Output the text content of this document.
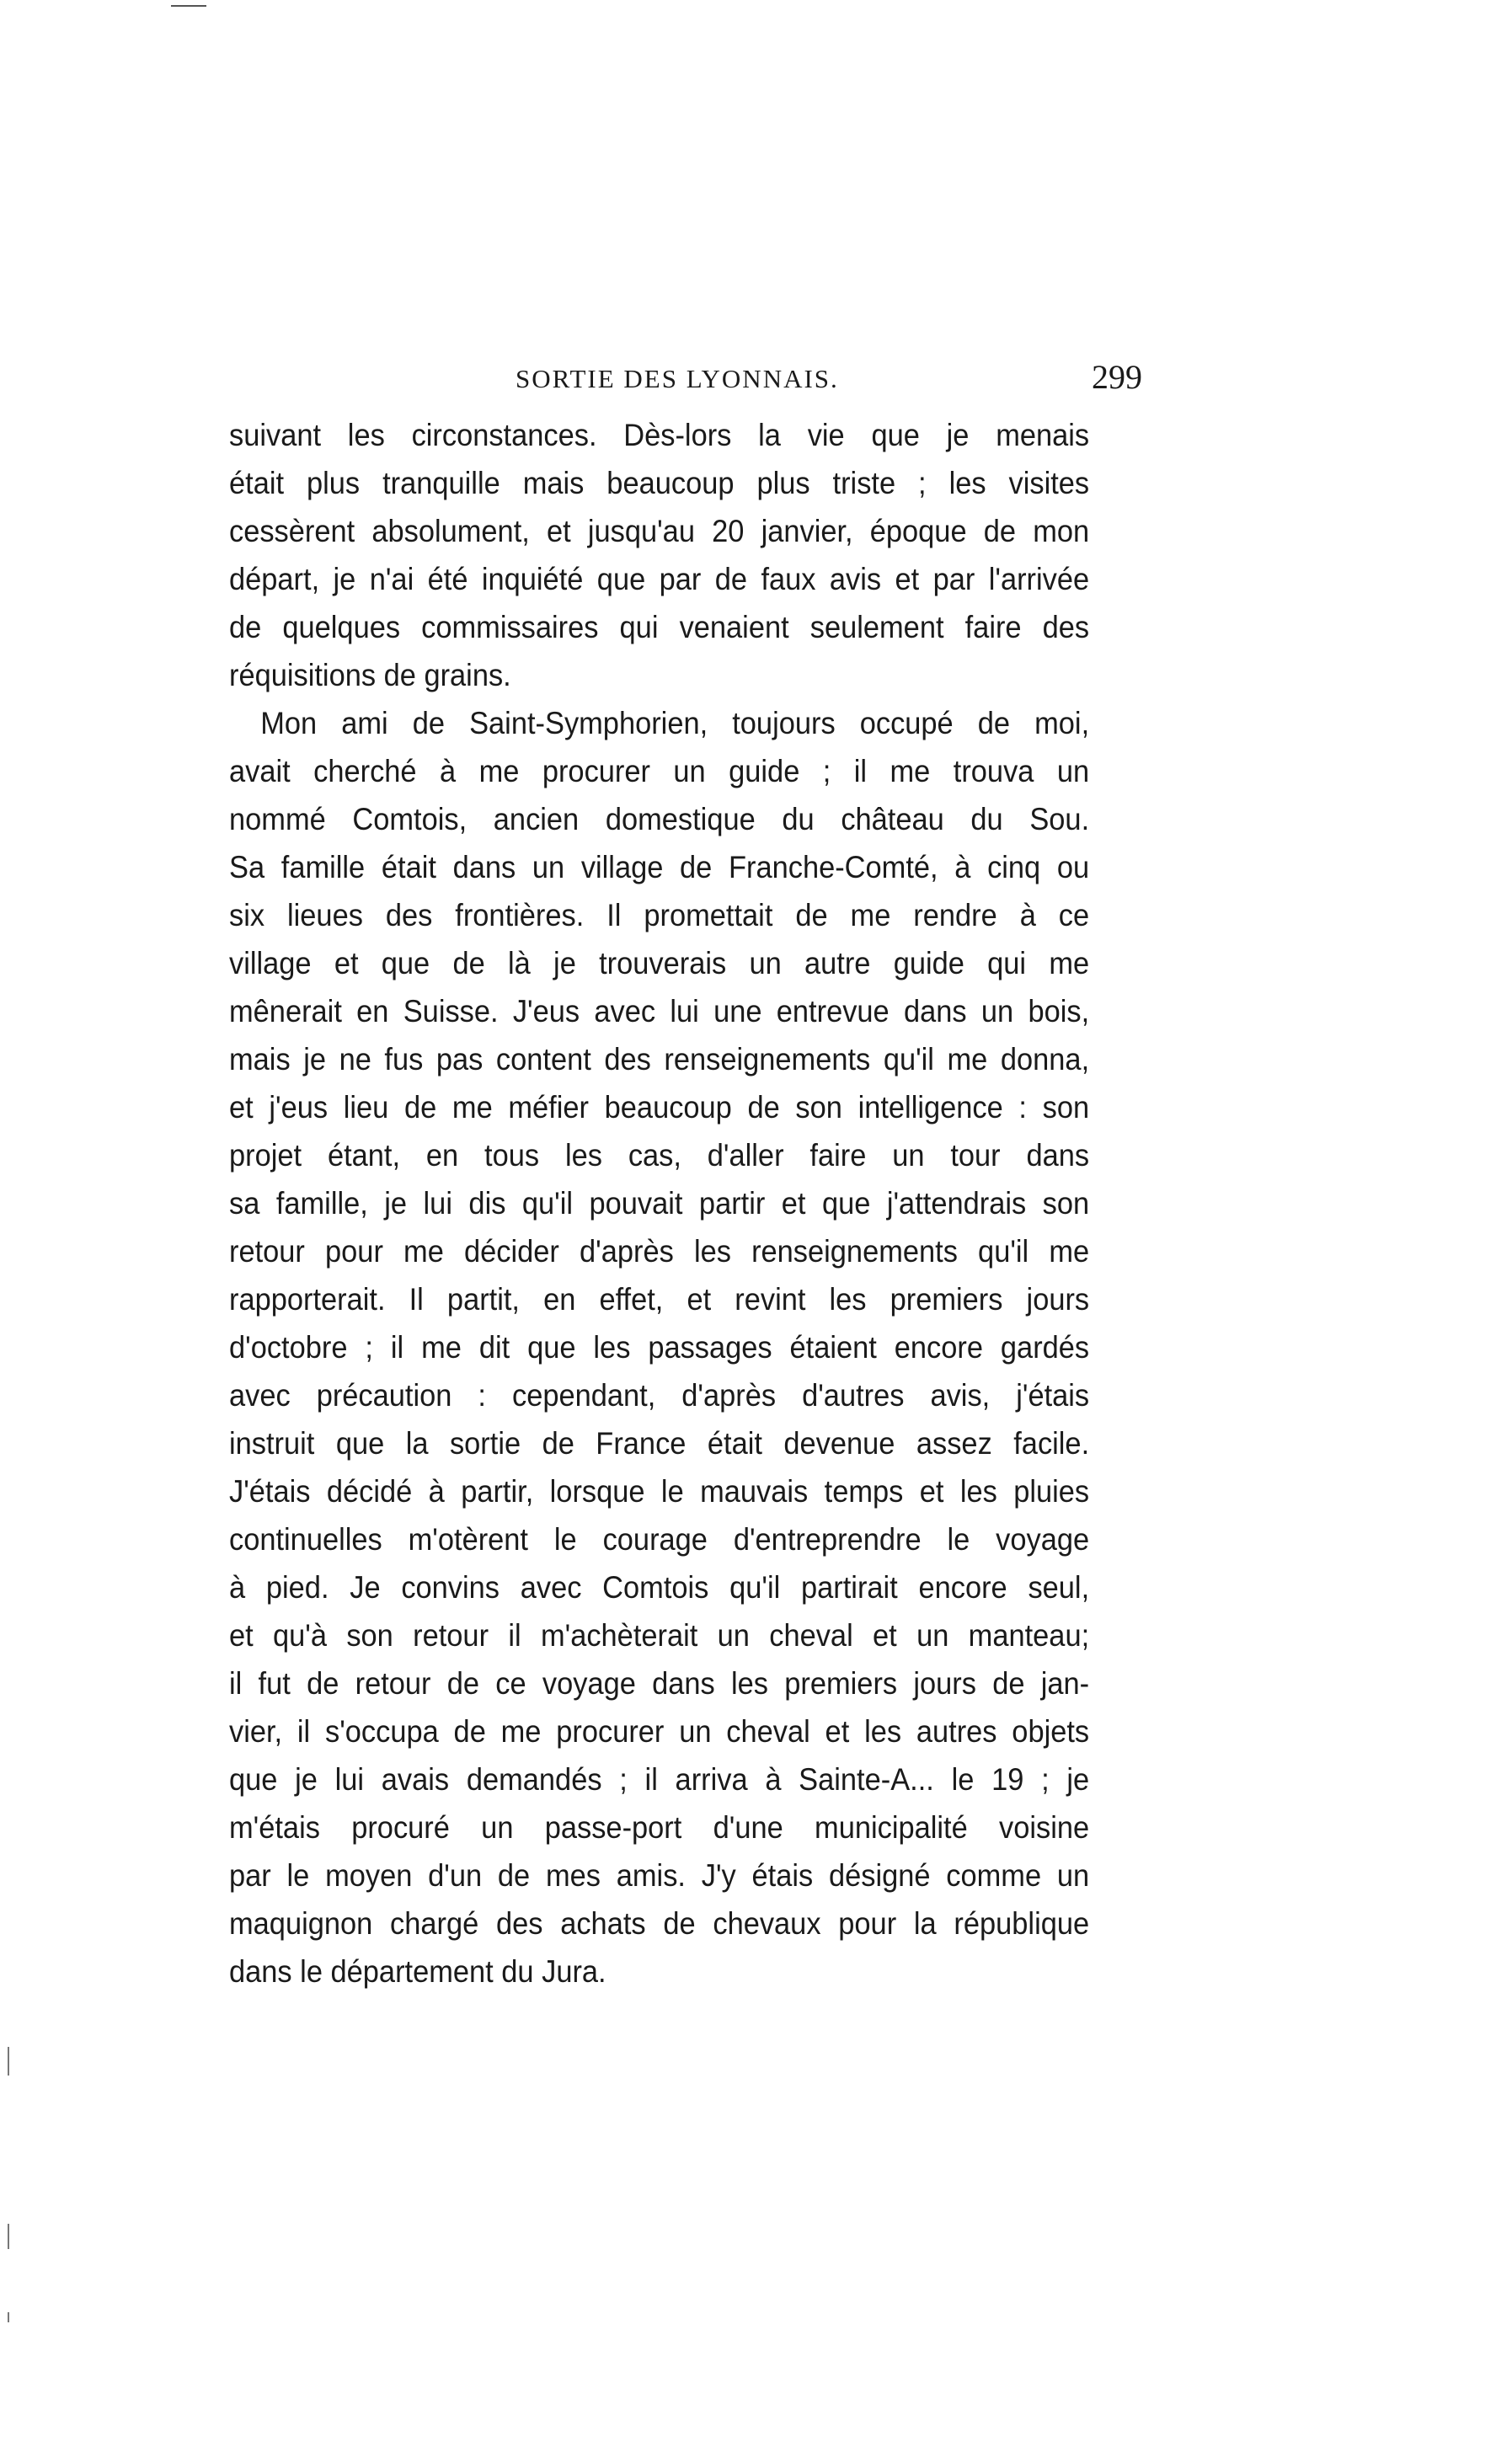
SORTIE DES LYONNAIS.	299
suivant les circonstances. Dès-lors la vie que je menais
était plus tranquille mais beaucoup plus triste ; les visites
cessèrent absolument, et jusqu'au 20 janvier, époque de mon
départ, je n'ai été inquiété que par de faux avis et par l'arrivée
de quelques commissaires qui venaient seulement faire des
réquisitions de grains.
Mon ami de Saint-Symphorien, toujours occupé de moi,
avait cherché à me procurer un guide ; il me trouva un
nommé Comtois, ancien domestique du château du Sou.
Sa famille était dans un village de Franche-Comté, à cinq ou
six lieues des frontières. Il promettait de me rendre à ce
village et que de là je trouverais un autre guide qui me
mênerait en Suisse. J'eus avec lui une entrevue dans un bois,
mais je ne fus pas content des renseignements qu'il me donna,
et j'eus lieu de me méfier beaucoup de son intelligence : son
projet étant, en tous les cas, d'aller faire un tour dans
sa famille, je lui dis qu'il pouvait partir et que j'attendrais son
retour pour me décider d'après les renseignements qu'il me
rapporterait. Il partit, en effet, et revint les premiers jours
d'octobre ; il me dit que les passages étaient encore gardés
avec précaution : cependant, d'après d'autres avis, j'étais
instruit que la sortie de France était devenue assez facile.
J'étais décidé à partir, lorsque le mauvais temps et les pluies
continuelles m'otèrent le courage d'entreprendre le voyage
à pied. Je convins avec Comtois qu'il partirait encore seul,
et qu'à son retour il m'achèterait un cheval et un manteau;
il fut de retour de ce voyage dans les premiers jours de jan-
vier, il s'occupa de me procurer un cheval et les autres objets
que je lui avais demandés ; il arriva à Sainte-A... le 19 ; je
m'étais procuré un passe-port d'une municipalité voisine
par le moyen d'un de mes amis. J'y étais désigné comme un
maquignon chargé des achats de chevaux pour la république
dans le département du Jura.
